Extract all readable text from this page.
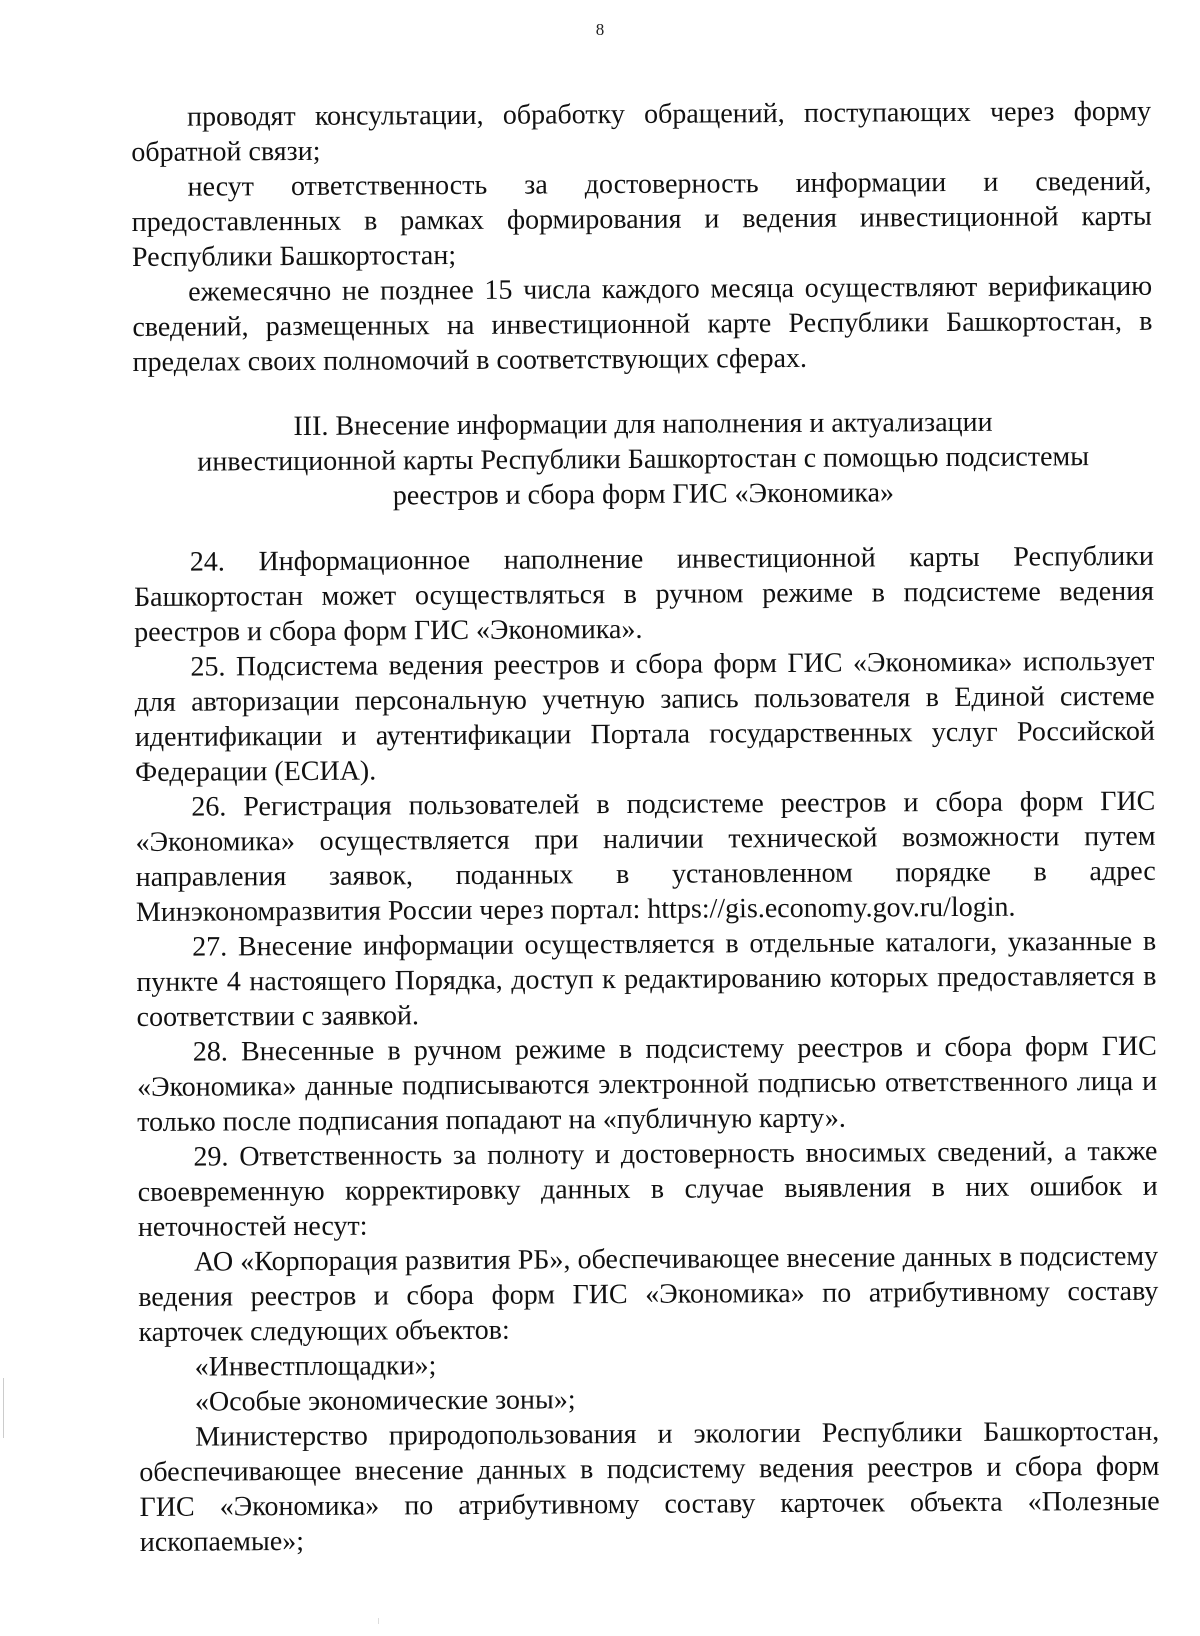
8

проводят консультации, обработку обращений, поступающих через форму обратной связи;

несут ответственность за достоверность информации и сведений, предоставленных в рамках формирования и ведения инвестиционной карты Республики Башкортостан;

ежемесячно не позднее 15 числа каждого месяца осуществляют верификацию сведений, размещенных на инвестиционной карте Республики Башкортостан, в пределах своих полномочий в соответствующих сферах.

III. Внесение информации для наполнения и актуализации
инвестиционной карты Республики Башкортостан с помощью подсистемы
реестров и сбора форм ГИС «Экономика»

24. Информационное наполнение инвестиционной карты Республики Башкортостан может осуществляться в ручном режиме в подсистеме ведения реестров и сбора форм ГИС «Экономика».

25. Подсистема ведения реестров и сбора форм ГИС «Экономика» использует для авторизации персональную учетную запись пользователя в Единой системе идентификации и аутентификации Портала государственных услуг Российской Федерации (ЕСИА).

26. Регистрация пользователей в подсистеме реестров и сбора форм ГИС «Экономика» осуществляется при наличии технической возможности путем направления заявок, поданных в установленном порядке в адрес Минэкономразвития России через портал: https://gis.economy.gov.ru/login.

27. Внесение информации осуществляется в отдельные каталоги, указанные в пункте 4 настоящего Порядка, доступ к редактированию которых предоставляется в соответствии с заявкой.

28. Внесенные в ручном режиме в подсистему реестров и сбора форм ГИС «Экономика» данные подписываются электронной подписью ответственного лица и только после подписания попадают на «публичную карту».

29. Ответственность за полноту и достоверность вносимых сведений, а также своевременную корректировку данных в случае выявления в них ошибок и неточностей несут:

АО «Корпорация развития РБ», обеспечивающее внесение данных в подсистему ведения реестров и сбора форм ГИС «Экономика» по атрибутивному составу карточек следующих объектов:

«Инвестплощадки»;

«Особые экономические зоны»;

Министерство природопользования и экологии Республики Башкортостан, обеспечивающее внесение данных в подсистему ведения реестров и сбора форм ГИС «Экономика» по атрибутивному составу карточек объекта «Полезные ископаемые»;
